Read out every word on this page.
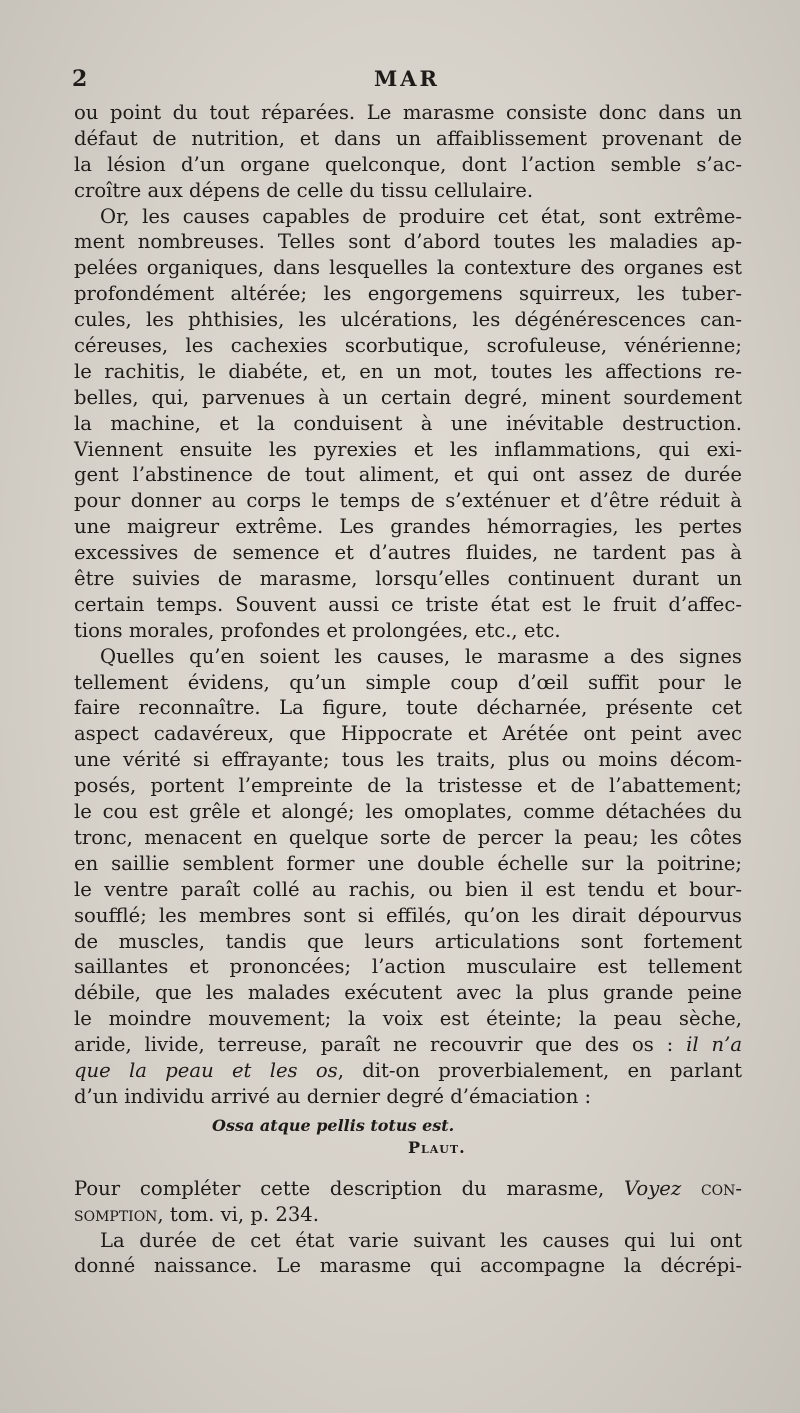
2	MAR
ou point du tout réparées. Le marasme consiste donc dans un
défaut de nutrition, et dans un affaiblissement provenant de
la lésion d’un organe quelconque, dont l’action semble s’ac-
croître aux dépens de celle du tissu cellulaire.
Or, les causes capables de produire cet état, sont extrême-
ment nombreuses. Telles sont d’abord toutes les maladies ap-
pelées organiques, dans lesquelles la contexture des organes est
profondément altérée; les engorgemens squirreux, les tuber-
cules, les phthisies, les ulcérations, les dégénérescences can-
céreuses, les cachexies scorbutique, scrofuleuse, vénérienne;
le rachitis, le diabéte, et, en un mot, toutes les affections re-
belles, qui, parvenues à un certain degré, minent sourdement
la machine, et la conduisent à une inévitable destruction.
Viennent ensuite les pyrexies et les inflammations, qui exi-
gent l’abstinence de tout aliment, et qui ont assez de durée
pour donner au corps le temps de s’exténuer et d’être réduit à
une maigreur extrême. Les grandes hémorragies, les pertes
excessives de semence et d’autres fluides, ne tardent pas à
être suivies de marasme, lorsqu’elles continuent durant un
certain temps. Souvent aussi ce triste état est le fruit d’affec-
tions morales, profondes et prolongées, etc., etc.
Quelles qu’en soient les causes, le marasme a des signes
tellement évidens, qu’un simple coup d’œil suffit pour le
faire reconnaître. La figure, toute décharnée, présente cet
aspect cadavéreux, que Hippocrate et Arétée ont peint avec
une vérité si effrayante; tous les traits, plus ou moins décom-
posés, portent l’empreinte de la tristesse et de l’abattement;
le cou est grêle et alongé; les omoplates, comme détachées du
tronc, menacent en quelque sorte de percer la peau; les côtes
en saillie semblent former une double échelle sur la poitrine;
le ventre paraît collé au rachis, ou bien il est tendu et bour-
soufflé; les membres sont si effilés, qu’on les dirait dépourvus
de muscles, tandis que leurs articulations sont fortement
saillantes et prononcées; l’action musculaire est tellement
débile, que les malades exécutent avec la plus grande peine
le moindre mouvement; la voix est éteinte; la peau sèche,
aride, livide, terreuse, paraît ne recouvrir que des os : il n’a
que la peau et les os, dit-on proverbialement, en parlant
d’un individu arrivé au dernier degré d’émaciation :
Ossa atque pellis totus est.
Plaut.
Pour compléter cette description du marasme, Voyez con-
somption, tom. vi, p. 234.
La durée de cet état varie suivant les causes qui lui ont
donné naissance. Le marasme qui accompagne la décrépi-
